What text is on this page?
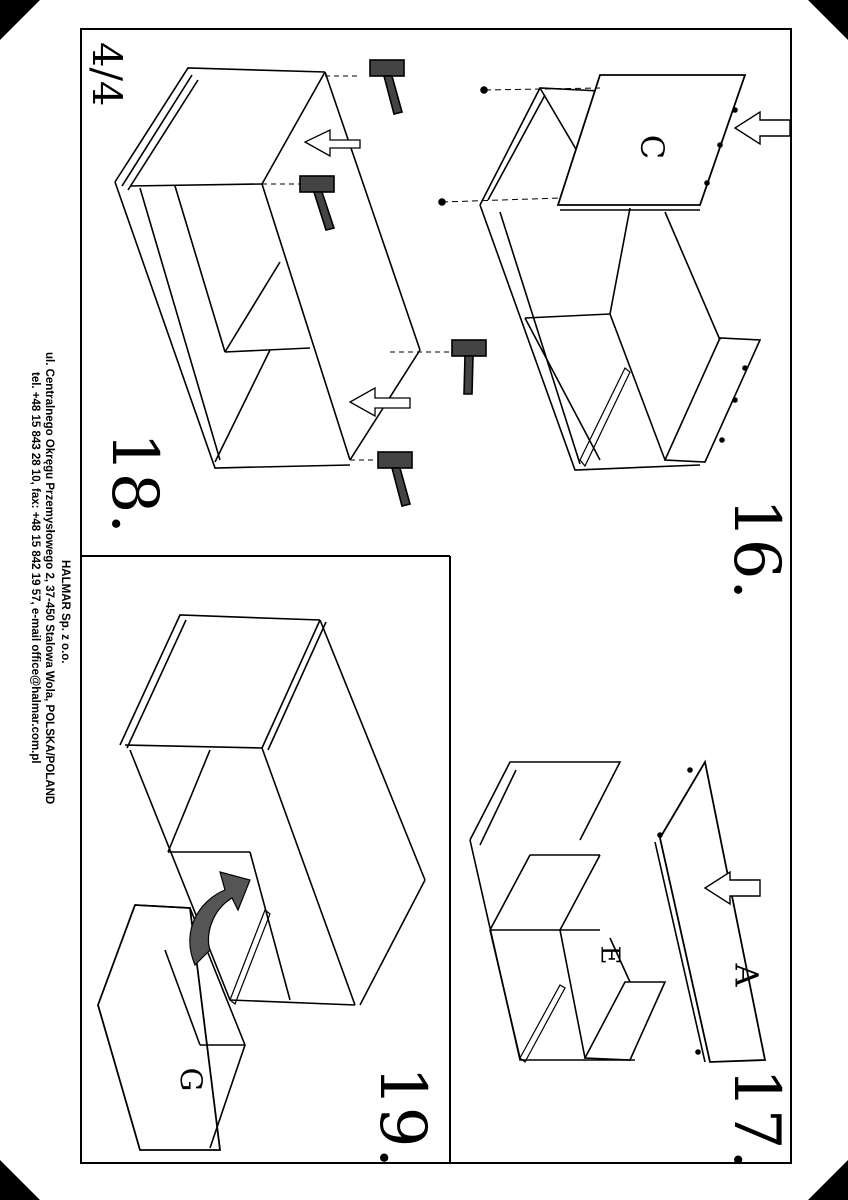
4/4
16.
17.
18.
19.
HALMAR Sp. z o.o.
ul. Centralnego Okręgu Przemysłowego 2, 37-450 Stalowa Wola, POLSKA/POLAND
tel. +48 15 843 28 10, fax: +48 15 842 19 57, e-mail office@halmar.com.pl
C
A
E
G
